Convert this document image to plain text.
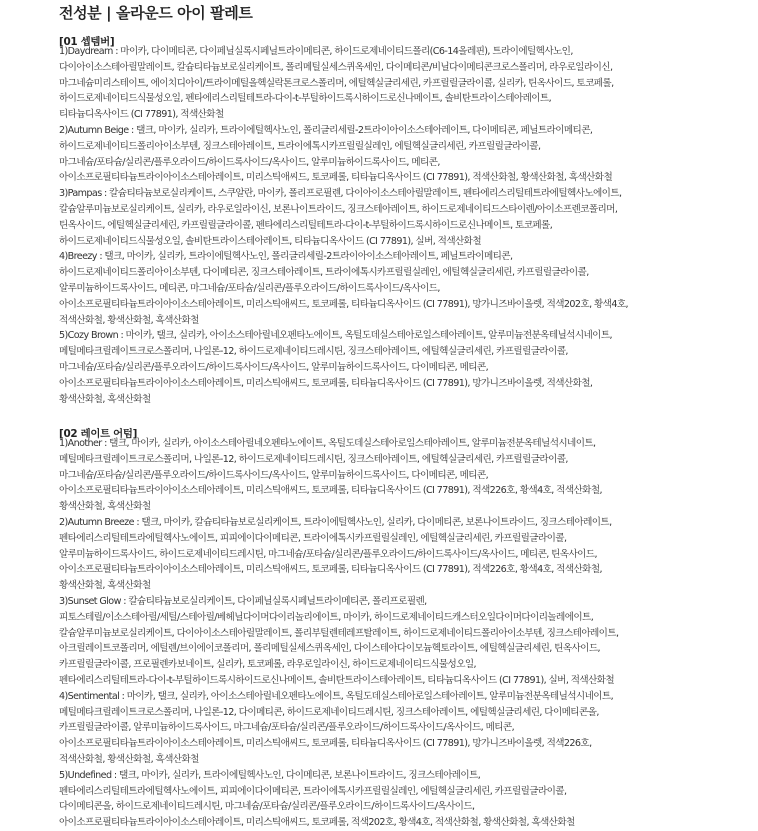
전성분 | 올라운드 아이 팔레트
[01 셉템버]
1)Daydream : 마이카, 다이메티콘, 다이페닐실록시페닐트라이메티콘, 하이드로제네이티드폴리(C6-14올레핀), 트라이에틸헥사노인,
다이아이소스테아릴말레이트, 칼슘티타늄보로실리케이트, 폴리메틸실세스퀴옥세인, 다이메티콘/비닐다이메티콘크로스폴리머, 라우로일라이신,
마그네슘미리스테이트, 에이치디아이/트라이메틸올헥실락톤크로스폴리머, 에틸헥실글리세린, 카프릴릴글라이콜, 실리카, 틴옥사이드, 토코페롤,
하이드로제네이티드식물성오일, 펜타에리스리틸테트라-다이-t-부틸하이드록시하이드로신나메이트, 솔비탄트라이스테아레이트,
티타늄디옥사이드 (CI 77891), 적색산화철
2)Autumn Beige : 탤크, 마이카, 실리카, 트라이에틸헥사노인, 폴리글리세릴-2트라이아이소스테아레이트, 다이메티콘, 페닐트라이메티콘,
하이드로제네이티드폴리아이소부텐, 징크스테아레이트, 트라이에톡시카프릴릴실레인, 에틸헥실글리세린, 카프릴릴글라이콜,
마그네슘/포타슘/실리콘/플루오라이드/하이드록사이드/옥사이드, 알루미늄하이드록사이드, 메티콘,
아이소프로필티타늄트라이아이소스테아레이트, 미리스틱애씨드, 토코페롤, 티타늄디옥사이드 (CI 77891), 적색산화철, 황색산화철, 흑색산화철
3)Pampas : 칼슘티타늄보로실리케이트, 스쿠알란, 마이카, 폴리프로필렌, 다이아이소스테아릴말레이트, 펜타에리스리틸테트라에틸헥사노에이트,
칼슘알루미늄보로실리케이트, 실리카, 라우로일라이신, 보론나이트라이드, 징크스테아레이트, 하이드로제네이티드스타이렌/아이소프렌코폴리머,
틴옥사이드, 에틸헥실글리세린, 카프릴릴글라이콜, 펜타에리스리틸테트라-다이-t-부틸하이드록시하이드로신나메이트, 토코페롤,
하이드로제네이티드식물성오일, 솔비탄트라이스테아레이트, 티타늄디옥사이드 (CI 77891), 실버, 적색산화철
4)Breezy : 탤크, 마이카, 실리카, 트라이에틸헥사노인, 폴리글리세릴-2트라이아이소스테아레이트, 페닐트라이메티콘,
하이드로제네이티드폴리아이소부텐, 다이메티콘, 징크스테아레이트, 트라이에톡시카프릴릴실레인, 에틸헥실글리세린, 카프릴릴글라이콜,
알루미늄하이드록사이드, 메티콘, 마그네슘/포타슘/실리콘/플루오라이드/하이드록사이드/옥사이드,
아이소프로필티타늄트라이아이소스테아레이트, 미리스틱애씨드, 토코페롤, 티타늄디옥사이드 (CI 77891), 망가니즈바이올렛, 적색202호, 황색4호,
적색산화철, 황색산화철, 흑색산화철
5)Cozy Brown : 마이카, 탤크, 실리카, 아이소스테아릴네오펜타노에이트, 옥틸도데실스테아로일스테아레이트, 알루미늄전분옥테닐석시네이트,
메틸메타크릴레이트크로스폴리머, 나일론-12, 하이드로제네이티드레시틴, 징크스테아레이트, 에틸헥실글리세린, 카프릴릴글라이콜,
마그네슘/포타슘/실리콘/플루오라이드/하이드록사이드/옥사이드, 알루미늄하이드록사이드, 다이메티콘, 메티콘,
아이소프로필티타늄트라이아이소스테아레이트, 미리스틱애씨드, 토코페롤, 티타늄디옥사이드 (CI 77891), 망가니즈바이올렛, 적색산화철,
황색산화철, 흑색산화철
[02 레이트 어텀]
1)Another : 탤크, 마이카, 실리카, 아이소스테아릴네오펜타노에이트, 옥틸도데실스테아로일스테아레이트, 알루미늄전분옥테닐석시네이트,
메틸메타크릴레이트크로스폴리머, 나일론-12, 하이드로제네이티드레시틴, 징크스테아레이트, 에틸헥실글리세린, 카프릴릴글라이콜,
마그네슘/포타슘/실리콘/플루오라이드/하이드록사이드/옥사이드, 알루미늄하이드록사이드, 다이메티콘, 메티콘,
아이소프로필티타늄트라이아이소스테아레이트, 미리스틱애씨드, 토코페롤, 티타늄디옥사이드 (CI 77891), 적색226호, 황색4호, 적색산화철,
황색산화철, 흑색산화철
2)Autumn Breeze : 탤크, 마이카, 칼슘티타늄보로실리케이트, 트라이에틸헥사노인, 실리카, 다이메티콘, 보론나이트라이드, 징크스테아레이트,
펜타에리스리틸테트라에틸헥사노에이트, 피피에이다이메티콘, 트라이에톡시카프릴릴실레인, 에틸헥실글리세린, 카프릴릴글라이콜,
알루미늄하이드록사이드, 하이드로제네이티드레시틴, 마그네슘/포타슘/실리콘/플루오라이드/하이드록사이드/옥사이드, 메티콘, 틴옥사이드,
아이소프로필티타늄트라이아이소스테아레이트, 미리스틱애씨드, 토코페롤, 티타늄디옥사이드 (CI 77891), 적색226호, 황색4호, 적색산화철,
황색산화철, 흑색산화철
3)Sunset Glow : 칼슘티타늄보로실리케이트, 다이페닐실록시페닐트라이메티콘, 폴리프로필렌,
피토스테릴/이소스테아릴/세틸/스테아릴/베헤닐다이머다이리놀리에이트, 마이카, 하이드로제네이티드캐스터오일다이머다이리놀레에이트,
칼슘알루미늄보로실리케이트, 다이아이소스테아릴말레이트, 폴리부틸렌테레프탈레이트, 하이드로제네이티드폴리아이소부텐, 징크스테아레이트,
아크릴레이트코폴리머, 에틸렌/브이에이코폴리머, 폴리메틸실세스퀴옥세인, 다이스테아다이모늄헥토라이트, 에틸헥실글리세린, 틴옥사이드,
카프릴릴글라이콜, 프로필렌카보네이트, 실리카, 토코페롤, 라우로일라이신, 하이드로제네이티드식물성오일,
펜타에리스리틸테트라-다이-t-부틸하이드록시하이드로신나메이트, 솔비탄트라이스테아레이트, 티타늄디옥사이드 (CI 77891), 실버, 적색산화철
4)Sentimental : 마이카, 탤크, 실리카, 아이소스테아릴네오펜타노에이트, 옥틸도데실스테아로일스테아레이트, 알루미늄전분옥테닐석시네이트,
메틸메타크릴레이트크로스폴리머, 나일론-12, 다이메티콘, 하이드로제네이티드레시틴, 징크스테아레이트, 에틸헥실글리세린, 다이메티콘올,
카프릴릴글라이콜, 알루미늄하이드록사이드, 마그네슘/포타슘/실리콘/플루오라이드/하이드록사이드/옥사이드, 메티콘,
아이소프로필티타늄트라이아이소스테아레이트, 미리스틱애씨드, 토코페롤, 티타늄디옥사이드 (CI 77891), 망가니즈바이올렛, 적색226호,
적색산화철, 황색산화철, 흑색산화철
5)Undefined : 탤크, 마이카, 실리카, 트라이에틸헥사노인, 다이메티콘, 보론나이트라이드, 징크스테아레이트,
펜타에리스리틸테트라에틸헥사노에이트, 피피에이다이메티콘, 트라이에톡시카프릴릴실레인, 에틸헥실글리세린, 카프릴릴글라이콜,
다이메티콘올, 하이드로제네이티드레시틴, 마그네슘/포타슘/실리콘/플루오라이드/하이드록사이드/옥사이드,
아이소프로필티타늄트라이아이소스테아레이트, 미리스틱애씨드, 토코페롤, 적색202호, 황색4호, 적색산화철, 황색산화철, 흑색산화철
